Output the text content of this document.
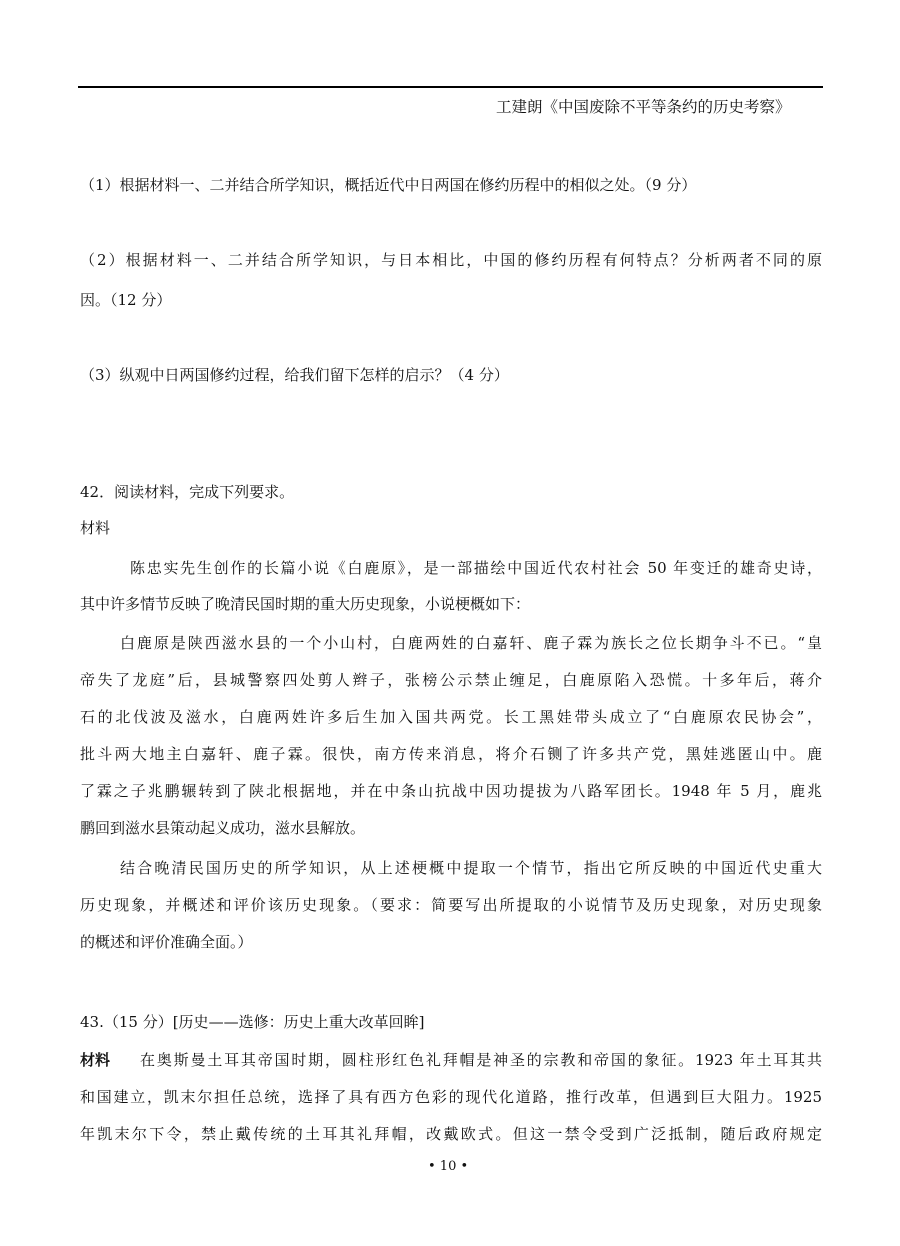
工建朗《中国废除不平等条约的历史考察》
（1）根据材料一、二并结合所学知识，概括近代中日两国在修约历程中的相似之处。（9 分）
（2）根据材料一、二并结合所学知识，与日本相比，中国的修约历程有何特点？分析两者不同的原
因。（12 分）
（3）纵观中日两国修约过程，给我们留下怎样的启示？（4 分）
42．阅读材料，完成下列要求。
材料
陈忠实先生创作的长篇小说《白鹿原》，是一部描绘中国近代农村社会 50 年变迁的雄奇史诗，
其中许多情节反映了晚清民国时期的重大历史现象，小说梗概如下：
白鹿原是陕西滋水县的一个小山村，白鹿两姓的白嘉轩、鹿子霖为族长之位长期争斗不已。“皇
帝失了龙庭”后，县城警察四处剪人辫子，张榜公示禁止缠足，白鹿原陷入恐慌。十多年后，蒋介
石的北伐波及滋水，白鹿两姓许多后生加入国共两党。长工黑娃带头成立了“白鹿原农民协会”，
批斗两大地主白嘉轩、鹿子霖。很快，南方传来消息，将介石铡了许多共产党，黑娃逃匿山中。鹿
了霖之子兆鹏辗转到了陕北根据地，并在中条山抗战中因功提拔为八路军团长。1948 年 5 月，鹿兆
鹏回到滋水县策动起义成功，滋水县解放。
结合晚清民国历史的所学知识，从上述梗概中提取一个情节，指出它所反映的中国近代史重大
历史现象，并概述和评价该历史现象。（要求：简要写出所提取的小说情节及历史现象，对历史现象
的概述和评价准确全面。）
43.（15 分）[历史——选修：历史上重大改革回眸]
材料 在奥斯曼土耳其帝国时期，圆柱形红色礼拜帽是神圣的宗教和帝国的象征。1923 年土耳其共
和国建立，凯末尔担任总统，选择了具有西方色彩的现代化道路，推行改革，但遇到巨大阻力。1925
年凯末尔下令，禁止戴传统的土耳其礼拜帽，改戴欧式。但这一禁令受到广泛抵制，随后政府规定
• 10 •
